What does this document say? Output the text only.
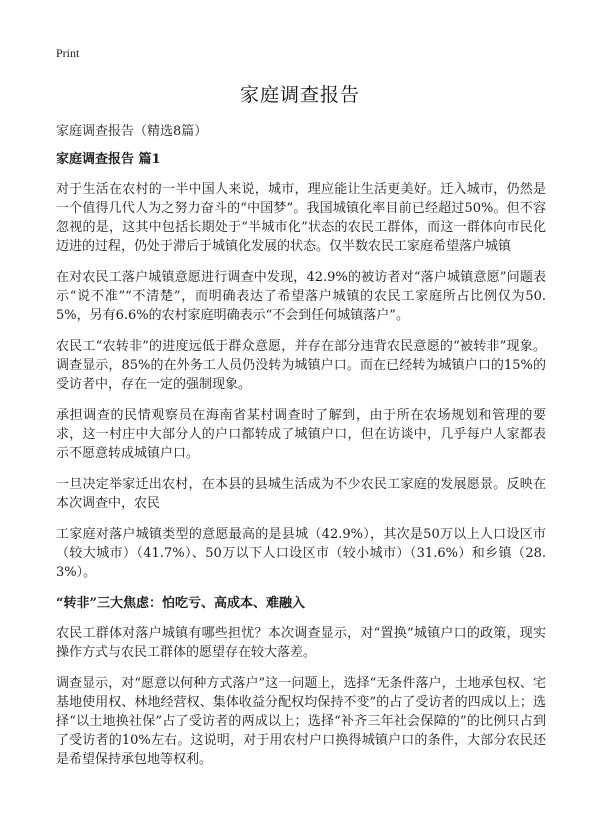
Print
家庭调查报告
家庭调查报告（精选8篇）
家庭调查报告 篇1

对于生活在农村的一半中国人来说，城市，理应能让生活更美好。迁入城市，仍然是一个值得几代人为之努力奋斗的“中国梦”。我国城镇化率目前已经超过50%。但不容忽视的是，这其中包括长期处于“半城市化”状态的农民工群体，而这一群体向市民化迈进的过程，仍处于滞后于城镇化发展的状态。仅半数农民工家庭希望落户城镇

在对农民工落户城镇意愿进行调查中发现，42.9%的被访者对“落户城镇意愿”问题表示“说不准”“不清楚”，而明确表达了希望落户城镇的农民工家庭所占比例仅为50.5%，另有6.6%的农村家庭明确表示“不会到任何城镇落户”。

农民工“农转非”的进度远低于群众意愿，并存在部分违背农民意愿的“被转非”现象。调查显示，85%的在外务工人员仍没转为城镇户口。而在已经转为城镇户口的15%的受访者中，存在一定的强制现象。

承担调查的民情观察员在海南省某村调查时了解到，由于所在农场规划和管理的要求，这一村庄中大部分人的户口都转成了城镇户口，但在访谈中，几乎每户人家都表示不愿意转成城镇户口。

一旦决定举家迁出农村，在本县的县城生活成为不少农民工家庭的发展愿景。反映在本次调查中，农民

工家庭对落户城镇类型的意愿最高的是县城（42.9%），其次是50万以上人口设区市（较大城市）（41.7%）、50万以下人口设区市（较小城市）（31.6%）和乡镇（28.3%）。

“转非”三大焦虑：怕吃亏、高成本、难融入

农民工群体对落户城镇有哪些担忧？本次调查显示，对“置换”城镇户口的政策，现实操作方式与农民工群体的愿望存在较大落差。

调查显示，对“愿意以何种方式落户”这一问题上，选择“无条件落户，土地承包权、宅基地使用权、林地经营权、集体收益分配权均保持不变”的占了受访者的四成以上；选择“以土地换社保”占了受访者的两成以上；选择“补齐三年社会保障的”的比例只占到了受访者的10%左右。这说明，对于用农村户口换得城镇户口的条件，大部分农民还是希望保持承包地等权利。
